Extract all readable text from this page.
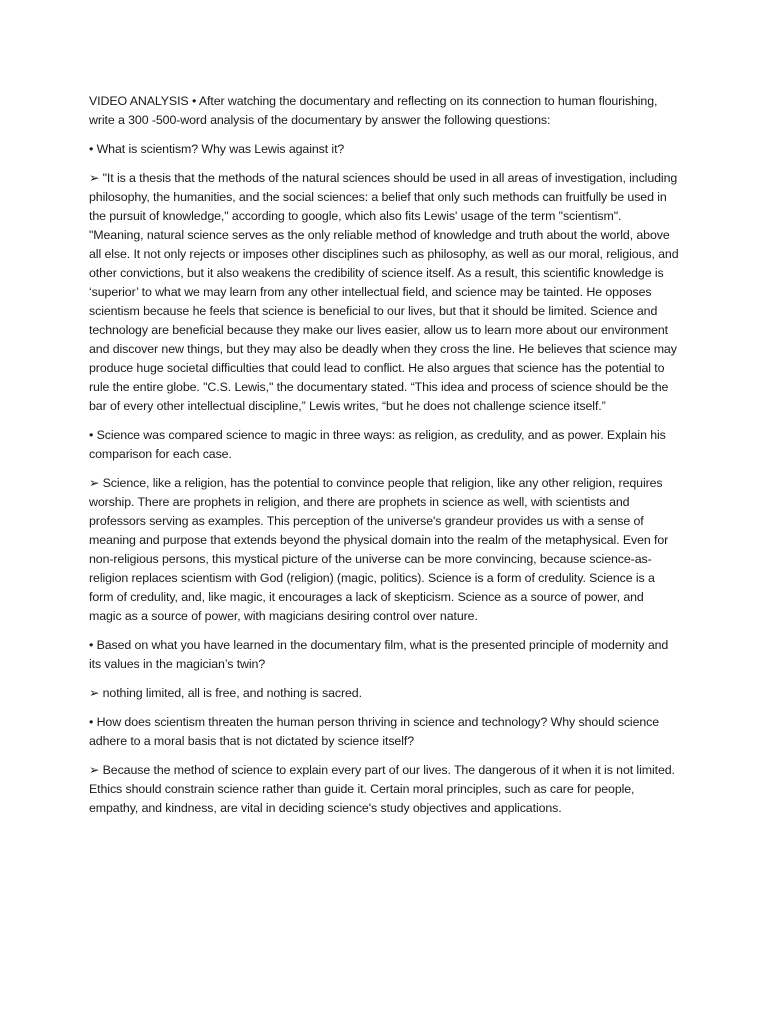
VIDEO ANALYSIS • After watching the documentary and reflecting on its connection to human flourishing, write a 300 -500-word analysis of the documentary by answer the following questions:

• What is scientism? Why was Lewis against it?

➢ "It is a thesis that the methods of the natural sciences should be used in all areas of investigation, including philosophy, the humanities, and the social sciences: a belief that only such methods can fruitfully be used in the pursuit of knowledge," according to google, which also fits Lewis' usage of the term "scientism". "Meaning, natural science serves as the only reliable method of knowledge and truth about the world, above all else. It not only rejects or imposes other disciplines such as philosophy, as well as our moral, religious, and other convictions, but it also weakens the credibility of science itself. As a result, this scientific knowledge is ‘superior’ to what we may learn from any other intellectual field, and science may be tainted. He opposes scientism because he feels that science is beneficial to our lives, but that it should be limited. Science and technology are beneficial because they make our lives easier, allow us to learn more about our environment and discover new things, but they may also be deadly when they cross the line. He believes that science may produce huge societal difficulties that could lead to conflict. He also argues that science has the potential to rule the entire globe. "C.S. Lewis," the documentary stated. “This idea and process of science should be the bar of every other intellectual discipline,” Lewis writes, “but he does not challenge science itself.”

• Science was compared science to magic in three ways: as religion, as credulity, and as power. Explain his comparison for each case.

➢ Science, like a religion, has the potential to convince people that religion, like any other religion, requires worship. There are prophets in religion, and there are prophets in science as well, with scientists and professors serving as examples. This perception of the universe's grandeur provides us with a sense of meaning and purpose that extends beyond the physical domain into the realm of the metaphysical. Even for non-religious persons, this mystical picture of the universe can be more convincing, because science-as-religion replaces scientism with God (religion) (magic, politics). Science is a form of credulity. Science is a form of credulity, and, like magic, it encourages a lack of skepticism. Science as a source of power, and magic as a source of power, with magicians desiring control over nature.

• Based on what you have learned in the documentary film, what is the presented principle of modernity and its values in the magician’s twin?

➢ nothing limited, all is free, and nothing is sacred.

• How does scientism threaten the human person thriving in science and technology? Why should science adhere to a moral basis that is not dictated by science itself?

➢ Because the method of science to explain every part of our lives. The dangerous of it when it is not limited. Ethics should constrain science rather than guide it. Certain moral principles, such as care for people, empathy, and kindness, are vital in deciding science's study objectives and applications.
